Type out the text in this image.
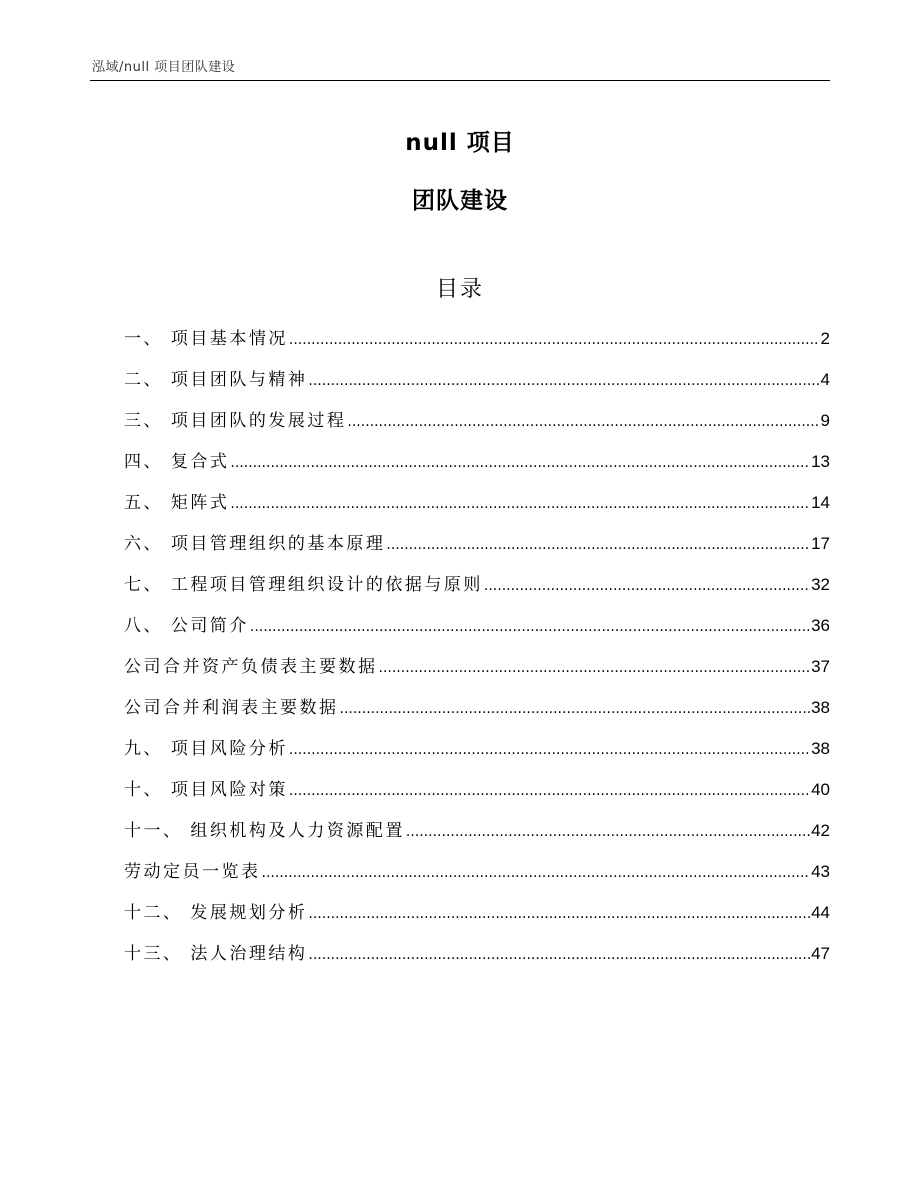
泓域/null 项目团队建设
null 项目
团队建设
目录
一、 项目基本情况 .....	2
二、 项目团队与精神 .....	4
三、 项目团队的发展过程 .....	9
四、 复合式 .....	13
五、 矩阵式 .....	14
六、 项目管理组织的基本原理 .....	17
七、 工程项目管理组织设计的依据与原则 .....	32
八、 公司简介 .....	36
公司合并资产负债表主要数据 .....	37
公司合并利润表主要数据 .....	38
九、 项目风险分析 .....	38
十、 项目风险对策 .....	40
十一、 组织机构及人力资源配置 .....	42
劳动定员一览表 .....	43
十二、 发展规划分析 .....	44
十三、 法人治理结构 .....	47
